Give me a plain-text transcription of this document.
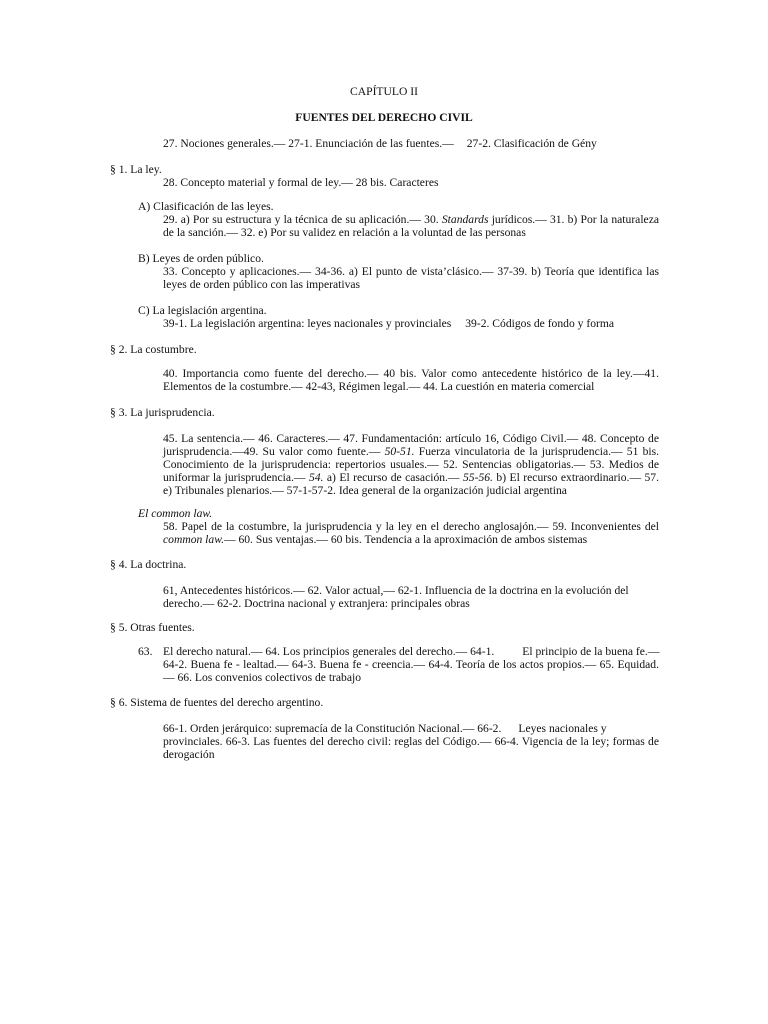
CAPÍTULO II
FUENTES DEL DERECHO CIVIL
27. Nociones generales.— 27-1. Enunciación de las fuentes.— 27-2. Clasificación de Gény
§ 1. La ley.
28. Concepto material y formal de ley.— 28 bis. Caracteres
A) Clasificación de las leyes.
29. a) Por su estructura y la técnica de su aplicación.— 30. Standards jurídicos.— 31. b) Por la naturaleza
de la sanción.— 32. e) Por su validez en relación a la voluntad de las personas
B) Leyes de orden público.
33. Concepto y aplicaciones.— 34-36. a) El punto de vista’clásico.— 37-39. b) Teoría que identifica las
leyes de orden público con las imperativas
C) La legislación argentina.
39-1. La legislación argentina: leyes nacionales y provinciales 39-2. Códigos de fondo y forma
§ 2. La costumbre.
40. Importancia como fuente del derecho.— 40 bis. Valor como antecedente histórico de la ley.—41.
Elementos de la costumbre.— 42-43, Régimen legal.— 44. La cuestión en materia comercial
§ 3. La jurisprudencia.
45. La sentencia.— 46. Caracteres.— 47. Fundamentación: artículo 16, Código Civil.— 48. Concepto de
jurisprudencia.—49. Su valor como fuente.— 50-51. Fuerza vinculatoria de la jurisprudencia.— 51 bis.
Conocimiento de la jurisprudencia: repertorios usuales.— 52. Sentencias obligatorias.— 53. Medios de
uniformar la jurisprudencia.— 54. a) El recurso de casación.— 55-56. b) El recurso extraordinario.— 57.
e) Tribunales plenarios.— 57-1-57-2. Idea general de la organización judicial argentina
El common law.
58. Papel de la costumbre, la jurisprudencia y la ley en el derecho anglosajón.— 59. Inconvenientes del
common law.— 60. Sus ventajas.— 60 bis. Tendencia a la aproximación de ambos sistemas
§ 4. La doctrina.
61, Antecedentes históricos.— 62. Valor actual,— 62-1. Influencia de la doctrina en la evolución del
derecho.— 62-2. Doctrina nacional y extranjera: principales obras
§ 5. Otras fuentes.
63. El derecho natural.— 64. Los principios generales del derecho.— 64-1. El principio de la buena fe.—
64-2. Buena fe - lealtad.— 64-3. Buena fe - creencia.— 64-4. Teoría de los actos propios.— 65. Equidad.
— 66. Los convenios colectivos de trabajo
§ 6. Sistema de fuentes del derecho argentino.
66-1. Orden jerárquico: supremacía de la Constitución Nacional.— 66-2. Leyes nacionales y
provinciales. 66-3. Las fuentes del derecho civil: reglas del Código.— 66-4. Vigencia de la ley; formas de
derogación
